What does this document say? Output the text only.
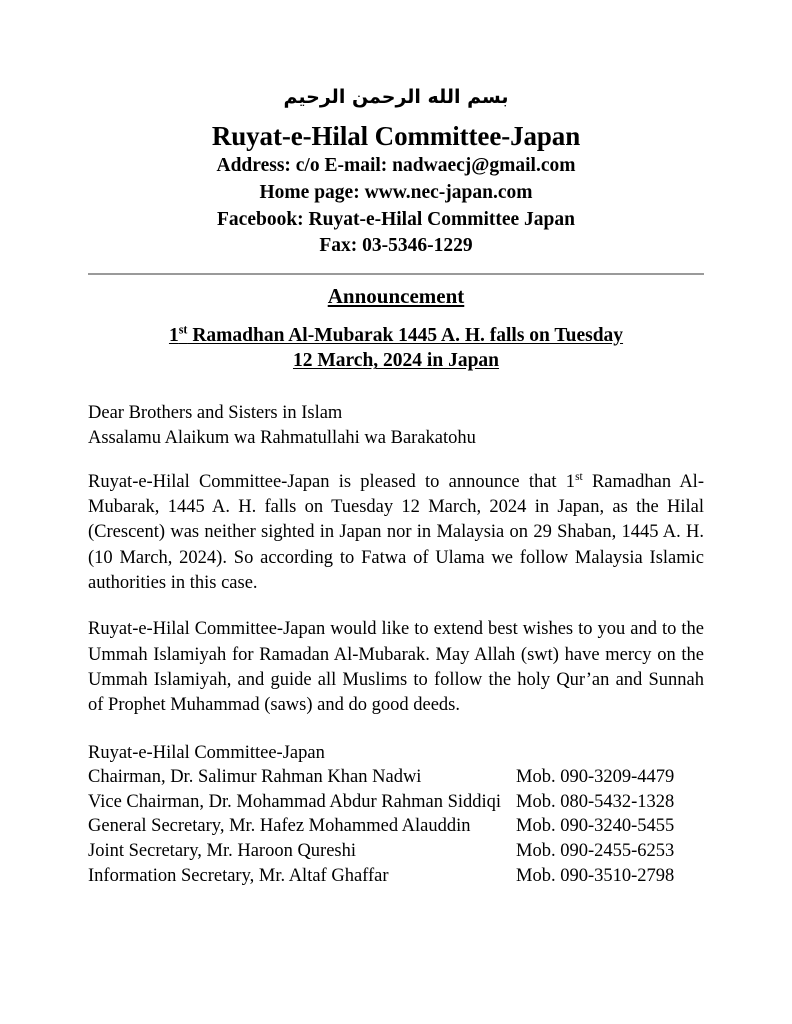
بسم الله الرحمن الرحيم
Ruyat-e-Hilal Committee-Japan
Address: c/o E-mail: nadwaecj@gmail.com
Home page: www.nec-japan.com
Facebook: Ruyat-e-Hilal Committee Japan
Fax: 03-5346-1229
Announcement
1st Ramadhan Al-Mubarak 1445 A. H. falls on Tuesday
12 March, 2024 in Japan
Dear Brothers and Sisters in Islam
Assalamu Alaikum wa Rahmatullahi wa Barakatohu

Ruyat-e-Hilal Committee-Japan is pleased to announce that 1st Ramadhan Al-Mubarak, 1445 A. H. falls on Tuesday 12 March, 2024 in Japan, as the Hilal (Crescent) was neither sighted in Japan nor in Malaysia on 29 Shaban, 1445 A. H. (10 March, 2024). So according to Fatwa of Ulama we follow Malaysia Islamic authorities in this case.

Ruyat-e-Hilal Committee-Japan would like to extend best wishes to you and to the Ummah Islamiyah for Ramadan Al-Mubarak. May Allah (swt) have mercy on the Ummah Islamiyah, and guide all Muslims to follow the holy Qur’an and Sunnah of Prophet Muhammad (saws) and do good deeds.

Ruyat-e-Hilal Committee-Japan
Chairman, Dr. Salimur Rahman Khan Nadwi	Mob. 090-3209-4479
Vice Chairman, Dr. Mohammad Abdur Rahman Siddiqi Mob. 080-5432-1328
General Secretary, Mr. Hafez Mohammed Alauddin	Mob. 090-3240-5455
Joint Secretary, Mr. Haroon Qureshi	Mob. 090-2455-6253
Information Secretary, Mr. Altaf Ghaffar	Mob. 090-3510-2798
